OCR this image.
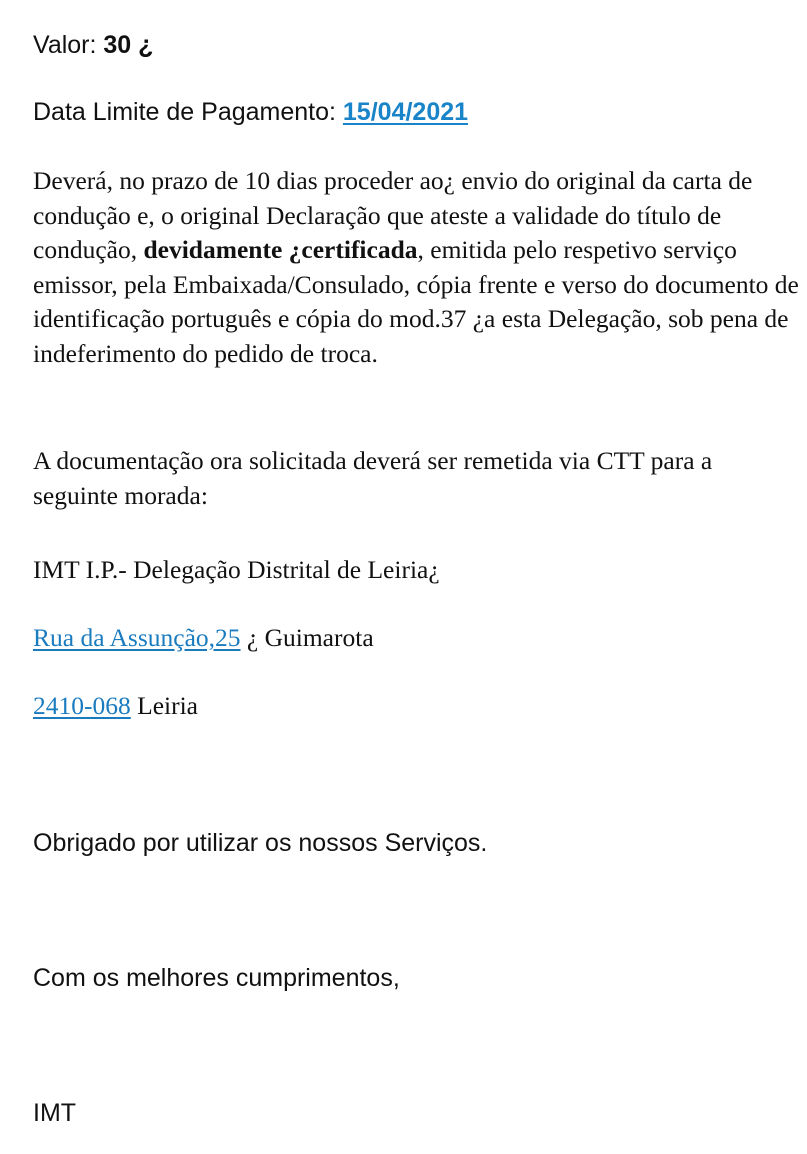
Valor: 30 ¿

Data Limite de Pagamento: 15/04/2021

Deverá, no prazo de 10 dias proceder ao¿ envio do original da carta de condução e, o original Declaração que ateste a validade do título de condução, devidamente ¿certificada, emitida pelo respetivo serviço emissor, pela Embaixada/Consulado, cópia frente e verso do documento de identificação português e cópia do mod.37 ¿a esta Delegação, sob pena de indeferimento do pedido de troca.

A documentação ora solicitada deverá ser remetida via CTT para a seguinte morada:

IMT I.P.- Delegação Distrital de Leiria¿

Rua da Assunção,25 ¿ Guimarota

2410-068 Leiria

Obrigado por utilizar os nossos Serviços.

Com os melhores cumprimentos,

IMT
